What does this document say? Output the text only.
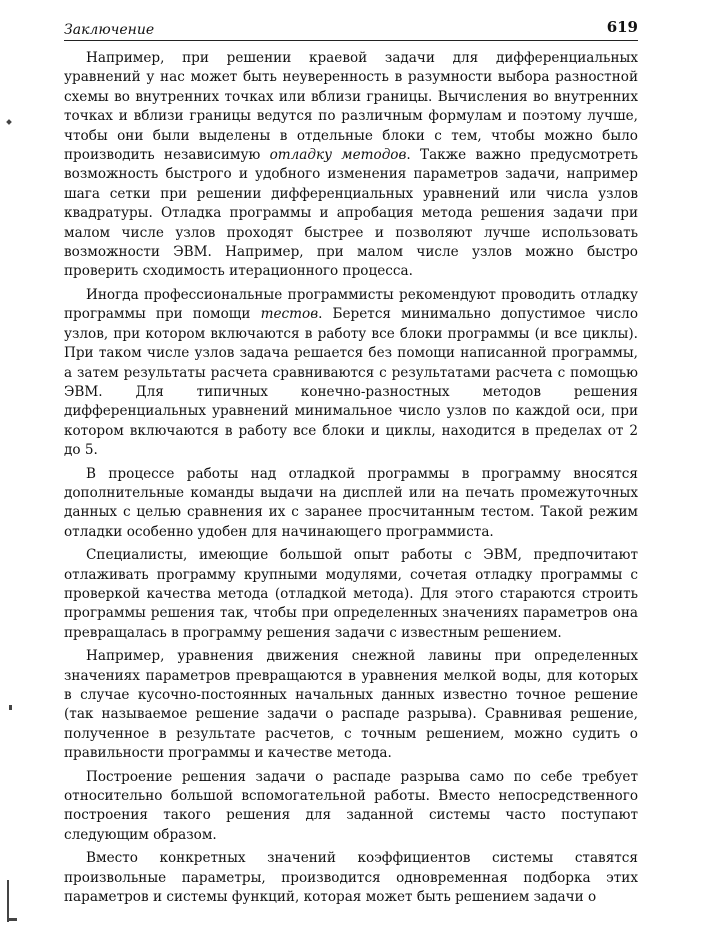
Заключение	619

Например, при решении краевой задачи для дифференциальных уравнений у нас может быть неуверенность в разумности выбора разностной схемы во внутренних точках или вблизи границы. Вычисления во внутренних точках и вблизи границы ведутся по различным формулам и поэтому лучше, чтобы они были выделены в отдельные блоки с тем, чтобы можно было производить независимую отладку методов. Также важно предусмотреть возможность быстрого и удобного изменения параметров задачи, например шага сетки при решении дифференциальных уравнений или числа узлов квадратуры. Отладка программы и апробация метода решения задачи при малом числе узлов проходят быстрее и позволяют лучше использовать возможности ЭВМ. Например, при малом числе узлов можно быстро проверить сходимость итерационного процесса.

Иногда профессиональные программисты рекомендуют проводить отладку программы при помощи тестов. Берется минимально допустимое число узлов, при котором включаются в работу все блоки программы (и все циклы). При таком числе узлов задача решается без помощи написанной программы, а затем результаты расчета сравниваются с результатами расчета с помощью ЭВМ. Для типичных конечно-разностных методов решения дифференциальных уравнений минимальное число узлов по каждой оси, при котором включаются в работу все блоки и циклы, находится в пределах от 2 до 5.

В процессе работы над отладкой программы в программу вносятся дополнительные команды выдачи на дисплей или на печать промежуточных данных с целью сравнения их с заранее просчитанным тестом. Такой режим отладки особенно удобен для начинающего программиста.

Специалисты, имеющие большой опыт работы с ЭВМ, предпочитают отлаживать программу крупными модулями, сочетая отладку программы с проверкой качества метода (отладкой метода). Для этого стараются строить программы решения так, чтобы при определенных значениях параметров она превращалась в программу решения задачи с известным решением.

Например, уравнения движения снежной лавины при определенных значениях параметров превращаются в уравнения мелкой воды, для которых в случае кусочно-постоянных начальных данных известно точное решение (так называемое решение задачи о распаде разрыва). Сравнивая решение, полученное в результате расчетов, с точным решением, можно судить о правильности программы и качестве метода.

Построение решения задачи о распаде разрыва само по себе требует относительно большой вспомогательной работы. Вместо непосредственного построения такого решения для заданной системы часто поступают следующим образом.

Вместо конкретных значений коэффициентов системы ставятся произвольные параметры, производится одновременная подборка этих параметров и системы функций, которая может быть решением задачи о
